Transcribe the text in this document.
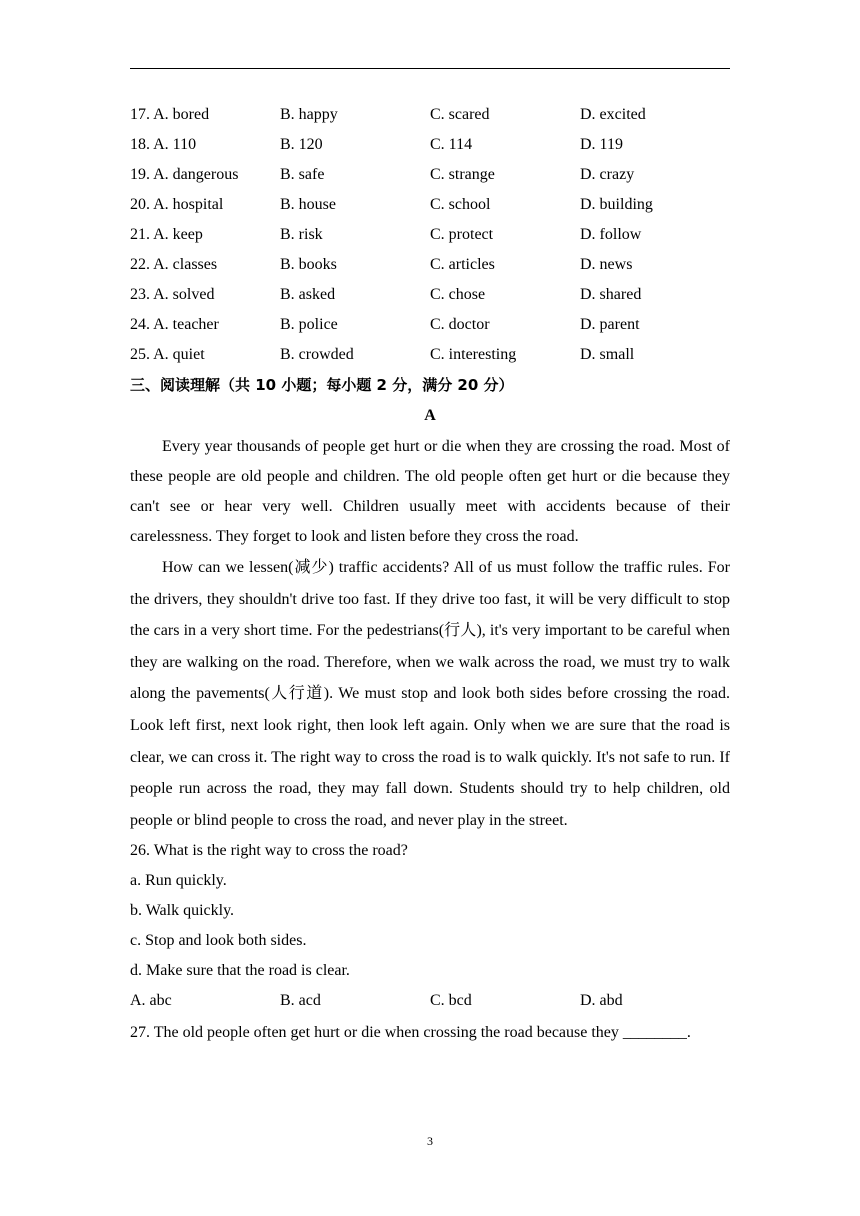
17. A. bored	B. happy	C. scared	D. excited
18. A. 110	B. 120	C. 114	D. 119
19. A. dangerous	B. safe	C. strange	D. crazy
20. A. hospital	B. house	C. school	D. building
21. A. keep	B. risk	C. protect	D. follow
22. A. classes	B. books	C. articles	D. news
23. A. solved	B. asked	C. chose	D. shared
24. A. teacher	B. police	C. doctor	D. parent
25. A. quiet	B. crowded	C. interesting	D. small
三、阅读理解（共 10 小题；每小题 2 分，满分 20 分）
A

Every year thousands of people get hurt or die when they are crossing the road. Most of these people are old people and children. The old people often get hurt or die because they can't see or hear very well. Children usually meet with accidents because of their carelessness. They forget to look and listen before they cross the road.

How can we lessen(减少) traffic accidents? All of us must follow the traffic rules. For the drivers, they shouldn't drive too fast. If they drive too fast, it will be very difficult to stop the cars in a very short time. For the pedestrians(行人), it's very important to be careful when they are walking on the road. Therefore, when we walk across the road, we must try to walk along the pavements(人行道). We must stop and look both sides before crossing the road. Look left first, next look right, then look left again. Only when we are sure that the road is clear, we can cross it. The right way to cross the road is to walk quickly. It's not safe to run. If people run across the road, they may fall down. Students should try to help children, old people or blind people to cross the road, and never play in the street.

26. What is the right way to cross the road?
a. Run quickly.
b. Walk quickly.
c. Stop and look both sides.
d. Make sure that the road is clear.
A. abc	B. acd	C. bcd	D. abd

27. The old people often get hurt or die when crossing the road because they ________.

3
